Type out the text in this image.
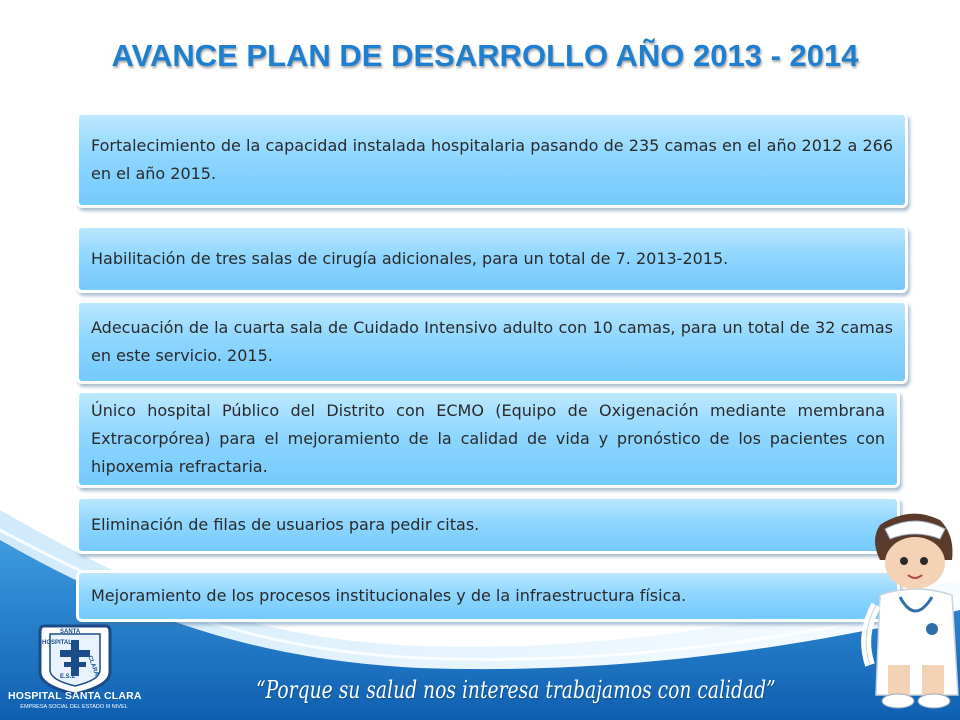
AVANCE PLAN DE DESARROLLO AÑO 2013 - 2014
Fortalecimiento de la capacidad instalada hospitalaria pasando de 235 camas en el año 2012 a 266 en el año 2015.
Habilitación de tres salas de cirugía adicionales, para un total de 7. 2013-2015.
Adecuación de la cuarta sala de Cuidado Intensivo adulto con 10 camas, para un total de 32 camas en este servicio. 2015.
Único hospital Público del Distrito con ECMO (Equipo de Oxigenación mediante membrana Extracorpórea) para el mejoramiento de la calidad de vida y pronóstico de los pacientes con hipoxemia refractaria.
Eliminación de filas de usuarios para pedir citas.
Mejoramiento de los procesos institucionales y de la infraestructura física.
SANTA
HOSPITAL
CLARA
E.S.E
HOSPITAL SANTA CLARA
EMPRESA SOCIAL DEL ESTADO III NIVEL
“Porque su salud nos interesa trabajamos con calidad”
